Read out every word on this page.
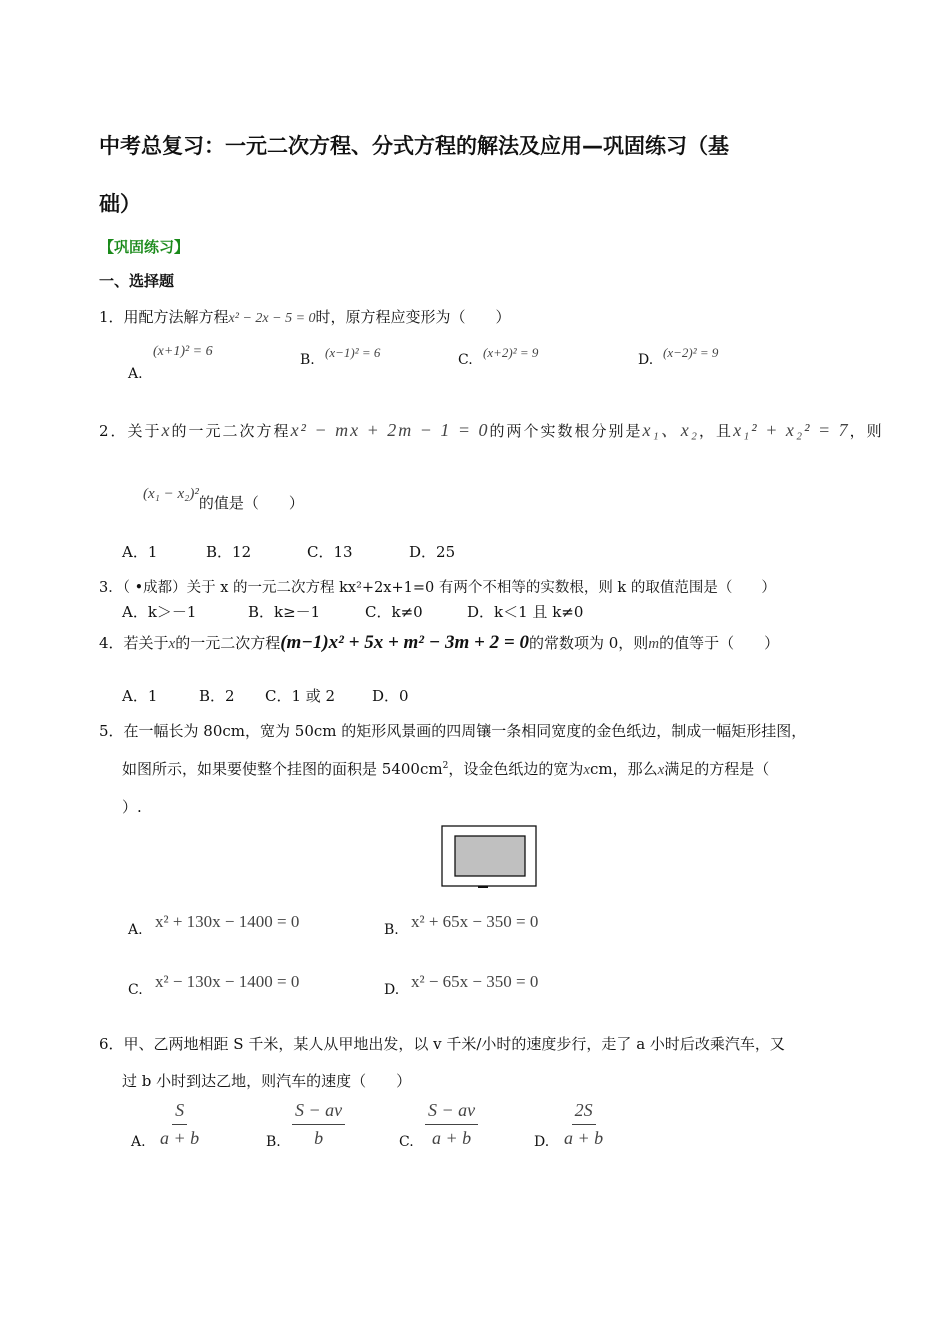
中考总复习：一元二次方程、分式方程的解法及应用—巩固练习（基
础）
【巩固练习】
一、选择题
1．用配方法解方程x² − 2x − 5 = 0时，原方程应变形为（　　）
A.
(x+1)² = 6
B. (x−1)² = 6	C. (x+2)² = 9	D. (x−2)² = 9
2．关于x的一元二次方程x² − mx + 2m − 1 = 0的两个实数根分别是x₁、x₂，且x₁² + x₂² = 7，则
(x₁ − x₂)²的值是（　　）
A．1	B．12	C．13	D．25
3．（ •成都）关于 x 的一元二次方程 kx²+2x+1=0 有两个不相等的实数根，则 k 的取值范围是（　　）
A．k＞－1	B．k≥－1	C．k≠0	D．k＜1 且 k≠0
4．若关于x的一元二次方程(m−1)x² + 5x + m² − 3m + 2 = 0的常数项为 0，则m的值等于（　　）
A．1	B．2 C．1 或 2 D．0
5．在一幅长为 80cm，宽为 50cm 的矩形风景画的四周镶一条相同宽度的金色纸边，制成一幅矩形挂图，
如图所示，如果要使整个挂图的面积是 $5400cm^2$，设金色纸边的宽为xcm，那么x满足的方程是（
）.
A. x² + 130x − 1400 = 0	B. x² + 65x − 350 = 0
C. x² − 130x − 1400 = 0	D. x² − 65x − 350 = 0
6．甲、乙两地相距 S 千米，某人从甲地出发，以 v 千米/小时的速度步行，走了 a 小时后改乘汽车，又
过 b 小时到达乙地，则汽车的速度（　　）
A. $\frac{S}{a + b}$	B. $\frac{S - av}{b}$	C. $\frac{S - av}{a + b}$	D. $\frac{2S}{a + b}$
